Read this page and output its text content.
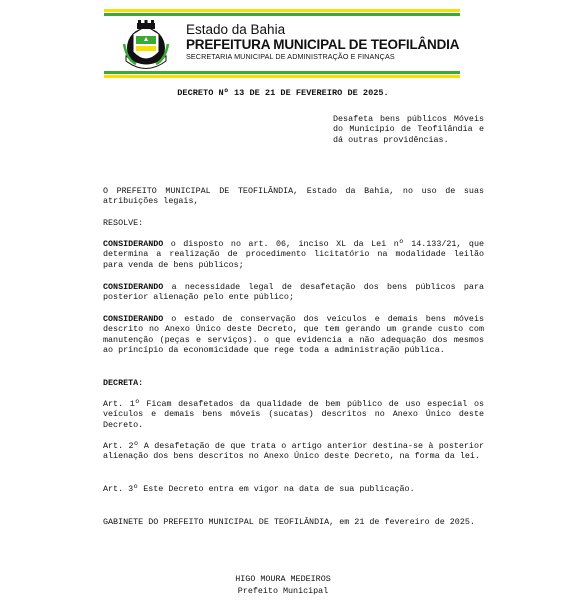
Estado da Bahia
PREFEITURA MUNICIPAL DE TEOFILÂNDIA
SECRETARIA MUNICIPAL DE ADMINISTRAÇÃO E FINANÇAS
DECRETO Nº 13 DE 21 DE FEVEREIRO DE 2025.
Desafeta bens públicos Móveis do Município de Teofilândia e dá outras providências.

O PREFEITO MUNICIPAL DE TEOFILÂNDIA, Estado da Bahia, no uso de suas atribuições legais,

RESOLVE:

CONSIDERANDO o disposto no art. 06, inciso XL da Lei nº 14.133/21, que determina a realização de procedimento licitatório na modalidade leilão para venda de bens públicos;

CONSIDERANDO a necessidade legal de desafetação dos bens públicos para posterior alienação pelo ente público;

CONSIDERANDO o estado de conservação dos veículos e demais bens móveis descrito no Anexo Único deste Decreto, que tem gerando um grande custo com manutenção (peças e serviços). o que evidencia a não adequação dos mesmos ao princípio da economicidade que rege toda a administração pública.

DECRETA:

Art. 1º Ficam desafetados da qualidade de bem público de uso especial os veículos e demais bens móveis (sucatas) descritos no Anexo Único deste Decreto.

Art. 2º A desafetação de que trata o artigo anterior destina-se à posterior alienação dos bens descritos no Anexo Único deste Decreto, na forma da lei.

Art. 3º Este Decreto entra em vigor na data de sua publicação.

GABINETE DO PREFEITO MUNICIPAL DE TEOFILÂNDIA, em 21 de fevereiro de 2025.

HIGO MOURA MEDEIROS
Prefeito Municipal
